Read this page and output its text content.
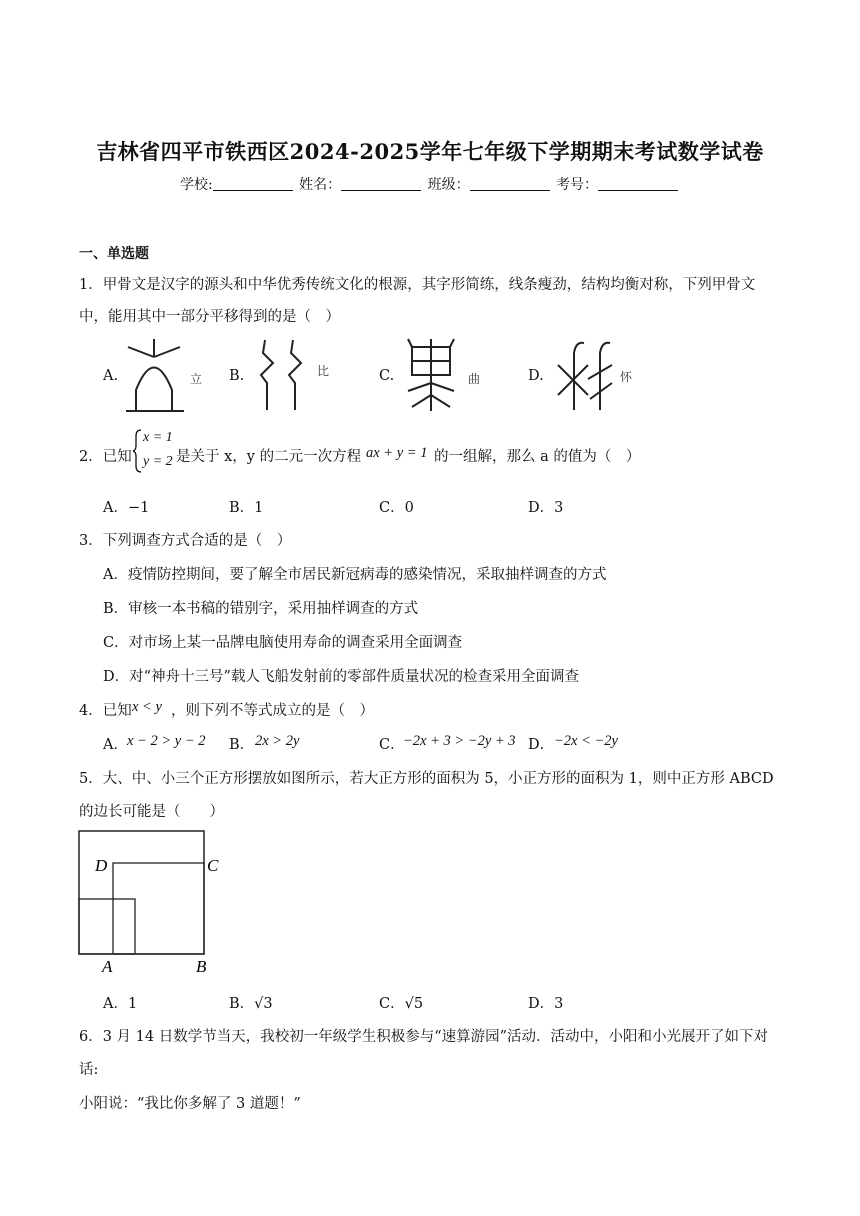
吉林省四平市铁西区2024-2025学年七年级下学期期末考试数学试卷
学校:	姓名：	班级：	考号：
一、单选题
1．甲骨文是汉字的源头和中华优秀传统文化的根源，其字形简练，线条瘦劲，结构均衡对称，下列甲骨文
中，能用其中一部分平移得到的是（　）
A.	立 B.	比	C.	曲	D.	怀
2．已知
x = 1
y = 2 是关于 x，y 的二元一次方程 ax + y = 1 的一组解，那么 a 的值为（　）
A．−1	B．1	C．0	D．3
3．下列调查方式合适的是（　）
A．疫情防控期间，要了解全市居民新冠病毒的感染情况，采取抽样调查的方式
B．审核一本书稿的错别字，采用抽样调查的方式
C．对市场上某一品牌电脑使用寿命的调查采用全面调查
D．对“神舟十三号”载人飞船发射前的零部件质量状况的检查采用全面调查
4．已知 x < y ，则下列不等式成立的是（　）
A． x − 2 > y − 2 B． 2x > 2y	C．
−2x + 3 > −2y + 3 D． −2x < −2y
5．大、中、小三个正方形摆放如图所示，若大正方形的面积为 5，小正方形的面积为 1，则中正方形 ABCD
的边长可能是（　　）
D	C
A	B
A．1	B．√3	C．√5	D．3
6．3 月 14 日数学节当天，我校初一年级学生积极参与“速算游园”活动．活动中，小阳和小光展开了如下对
话:
小阳说：“我比你多解了 3 道题！”
